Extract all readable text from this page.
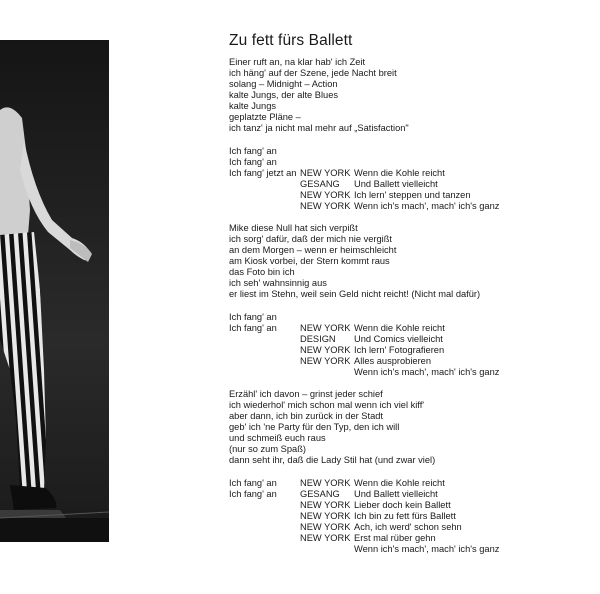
Zu fett fürs Ballett
Einer ruft an, na klar hab' ich Zeit
ich häng' auf der Szene, jede Nacht breit
solang – Midnight – Action
kalte Jungs, der alte Blues
kalte Jungs
geplatzte Pläne –
ich tanz' ja nicht mal mehr auf „Satisfaction"
Ich fang' an
Ich fang' an
Ich fang' jetzt an NEW YORK Wenn die Kohle reicht
GESANG Und Ballett vielleicht
NEW YORK Ich lern' steppen und tanzen
NEW YORK Wenn ich's mach', mach' ich's ganz
Mike diese Null hat sich verpißt
ich sorg' dafür, daß der mich nie vergißt
an dem Morgen – wenn er heimschleicht
am Kiosk vorbei, der Stern kommt raus
das Foto bin ich
ich seh' wahnsinnig aus
er liest im Stehn, weil sein Geld nicht reicht! (Nicht mal dafür)
Ich fang' an
Ich fang' an NEW YORK Wenn die Kohle reicht
DESIGN Und Comics vielleicht
NEW YORK Ich lern' Fotografieren
NEW YORK Alles ausprobieren
Wenn ich's mach', mach' ich's ganz
Erzähl' ich davon – grinst jeder schief
ich wiederhol' mich schon mal wenn ich viel kiff'
aber dann, ich bin zurück in der Stadt
geb' ich 'ne Party für den Typ, den ich will
und schmeiß euch raus
(nur so zum Spaß)
dann seht ihr, daß die Lady Stil hat (und zwar viel)
Ich fang' an NEW YORK Wenn die Kohle reicht
Ich fang' an GESANG Und Ballett vielleicht
NEW YORK Lieber doch kein Ballett
NEW YORK Ich bin zu fett fürs Ballett
NEW YORK Ach, ich werd' schon sehn
NEW YORK Erst mal rüber gehn
Wenn ich's mach', mach' ich's ganz
